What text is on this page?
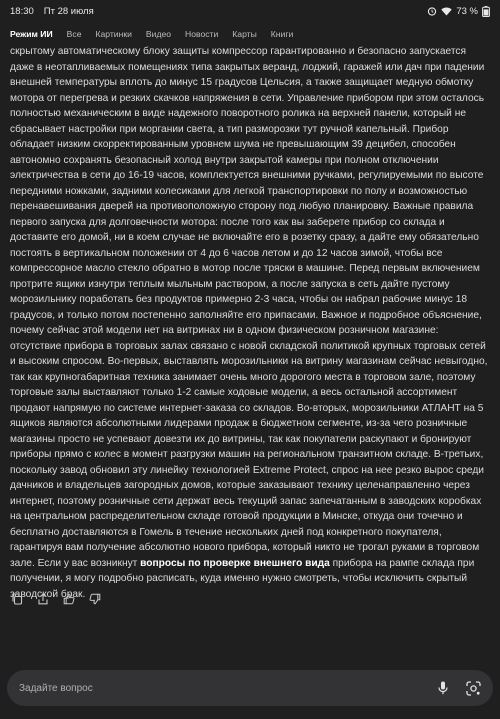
18:30 Пт 28 июля	73 %
Режим ИИ Все Картинки Видео Новости Карты Книги
скрытому автоматическому блоку защиты компрессор гарантированно и безопасно запускается даже в неотапливаемых помещениях типа закрытых веранд, лоджий, гаражей или дач при падении внешней температуры вплоть до минус 15 градусов Цельсия, а также защищает медную обмотку мотора от перегрева и резких скачков напряжения в сети. Управление прибором при этом осталось полностью механическим в виде надежного поворотного ролика на верхней панели, который не сбрасывает настройки при моргании света, а тип разморозки тут ручной капельный. Прибор обладает низким скорректированным уровнем шума не превышающим 39 децибел, способен автономно сохранять безопасный холод внутри закрытой камеры при полном отключении электричества в сети до 16-19 часов, комплектуется внешними ручками, регулируемыми по высоте передними ножками, задними колесиками для легкой транспортировки по полу и возможностью перенавешивания дверей на противоположную сторону под любую планировку. Важные правила первого запуска для долговечности мотора: после того как вы заберете прибор со склада и доставите его домой, ни в коем случае не включайте его в розетку сразу, а дайте ему обязательно постоять в вертикальном положении от 4 до 6 часов летом и до 12 часов зимой, чтобы все компрессорное масло стекло обратно в мотор после тряски в машине. Перед первым включением протрите ящики изнутри теплым мыльным раствором, а после запуска в сеть дайте пустому морозильнику поработать без продуктов примерно 2-3 часа, чтобы он набрал рабочие минус 18 градусов, и только потом постепенно заполняйте его припасами. Важное и подробное объяснение, почему сейчас этой модели нет на витринах ни в одном физическом розничном магазине: отсутствие прибора в торговых залах связано с новой складской политикой крупных торговых сетей и высоким спросом. Во-первых, выставлять морозильники на витрину магазинам сейчас невыгодно, так как крупногабаритная техника занимает очень много дорогого места в торговом зале, поэтому торговые залы выставляют только 1-2 самые ходовые модели, а весь остальной ассортимент продают напрямую по системе интернет-заказа со складов. Во-вторых, морозильники АТЛАНТ на 5 ящиков являются абсолютными лидерами продаж в бюджетном сегменте, из-за чего розничные магазины просто не успевают довезти их до витрины, так как покупатели раскупают и бронируют приборы прямо с колес в момент разгрузки машин на региональном транзитном складе. В-третьих, поскольку завод обновил эту линейку технологией Extreme Protect, спрос на нее резко вырос среди дачников и владельцев загородных домов, которые заказывают технику целенаправленно через интернет, поэтому розничные сети держат весь текущий запас запечатанным в заводских коробках на центральном распределительном складе готовой продукции в Минске, откуда они точечно и бесплатно доставляются в Гомель в течение нескольких дней под конкретного покупателя, гарантируя вам получение абсолютно нового прибора, который никто не трогал руками в торговом зале. Если у вас возникнут вопросы по проверке внешнего вида прибора на рампе склада при получении, я могу подробно расписать, куда именно нужно смотреть, чтобы исключить скрытый заводской брак.
Задайте вопрос
